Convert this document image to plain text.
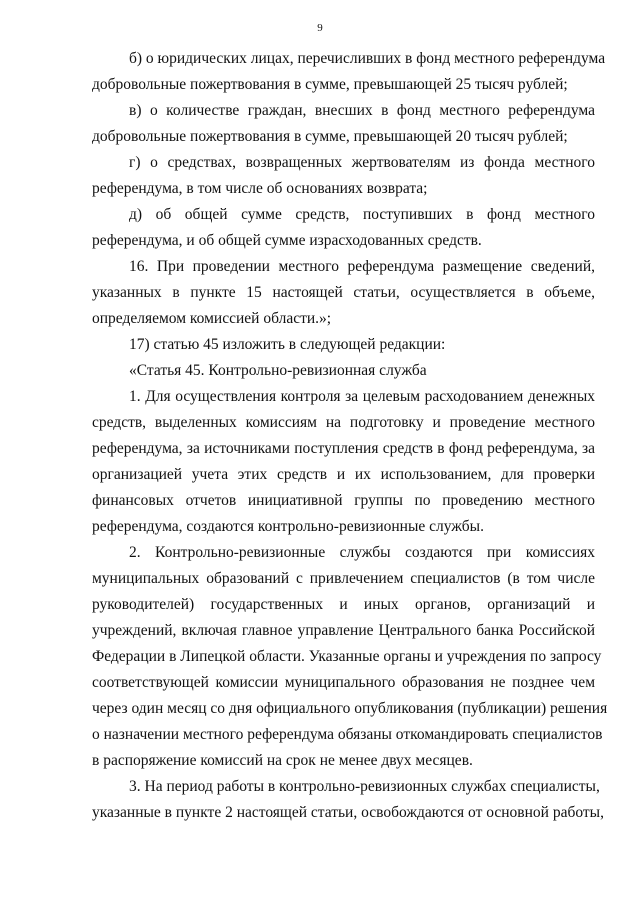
9
б) о юридических лицах, перечисливших в фонд местного референдума
добровольные пожертвования в сумме, превышающей 25 тысяч рублей;
в) о количестве граждан, внесших в фонд местного референдума
добровольные пожертвования в сумме, превышающей 20 тысяч рублей;
г) о средствах, возвращенных жертвователям из фонда местного
референдума, в том числе об основаниях возврата;
д) об общей сумме средств, поступивших в фонд местного
референдума, и об общей сумме израсходованных средств.
16. При проведении местного референдума размещение сведений,
указанных в пункте 15 настоящей статьи, осуществляется в объеме,
определяемом комиссией области.»;
17) статью 45 изложить в следующей редакции:
«Статья 45. Контрольно-ревизионная служба
1. Для осуществления контроля за целевым расходованием денежных
средств, выделенных комиссиям на подготовку и проведение местного
референдума, за источниками поступления средств в фонд референдума, за
организацией учета этих средств и их использованием, для проверки
финансовых отчетов инициативной группы по проведению местного
референдума, создаются контрольно-ревизионные службы.
2. Контрольно-ревизионные службы создаются при комиссиях
муниципальных образований с привлечением специалистов (в том числе
руководителей) государственных и иных органов, организаций и
учреждений, включая главное управление Центрального банка Российской
Федерации в Липецкой области. Указанные органы и учреждения по запросу
соответствующей комиссии муниципального образования не позднее чем
через один месяц со дня официального опубликования (публикации) решения
о назначении местного референдума обязаны откомандировать специалистов
в распоряжение комиссий на срок не менее двух месяцев.
3. На период работы в контрольно-ревизионных службах специалисты,
указанные в пункте 2 настоящей статьи, освобождаются от основной работы,
